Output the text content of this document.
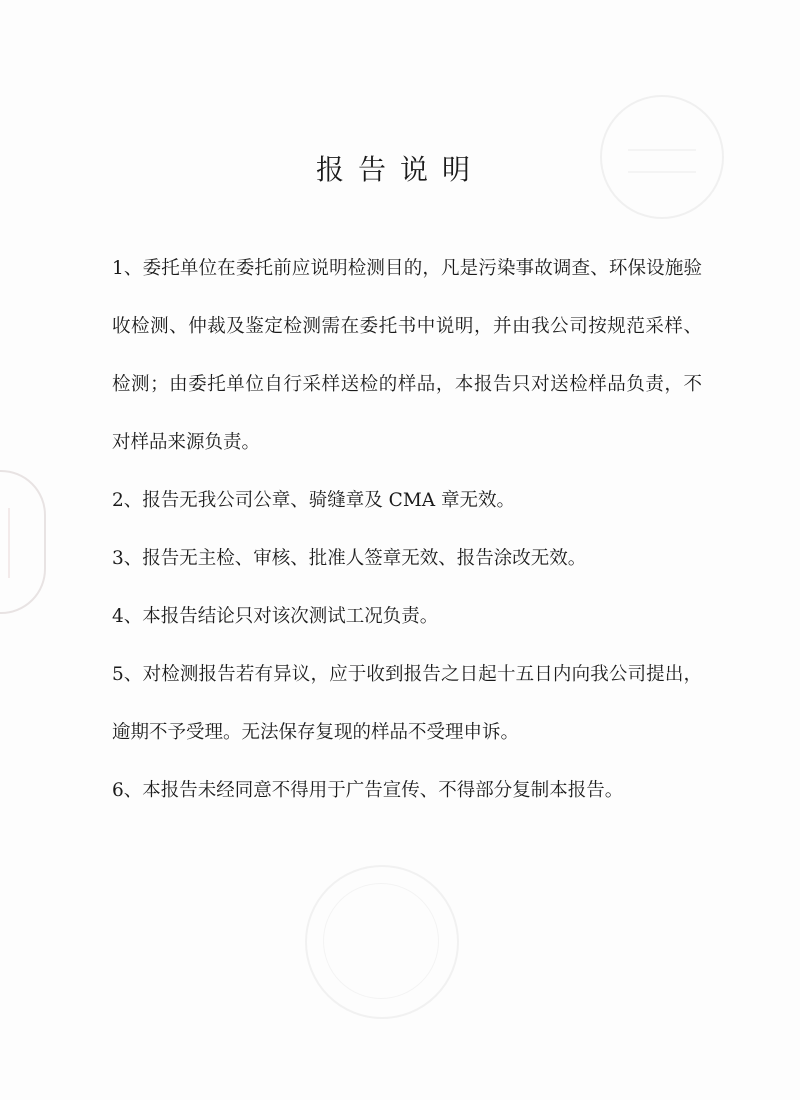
报告说明

1、委托单位在委托前应说明检测目的，凡是污染事故调查、环保设施验收检测、仲裁及鉴定检测需在委托书中说明，并由我公司按规范采样、检测；由委托单位自行采样送检的样品，本报告只对送检样品负责，不对样品来源负责。

2、报告无我公司公章、骑缝章及 CMA 章无效。

3、报告无主检、审核、批准人签章无效、报告涂改无效。

4、本报告结论只对该次测试工况负责。

5、对检测报告若有异议，应于收到报告之日起十五日内向我公司提出，逾期不予受理。无法保存复现的样品不受理申诉。

6、本报告未经同意不得用于广告宣传、不得部分复制本报告。
